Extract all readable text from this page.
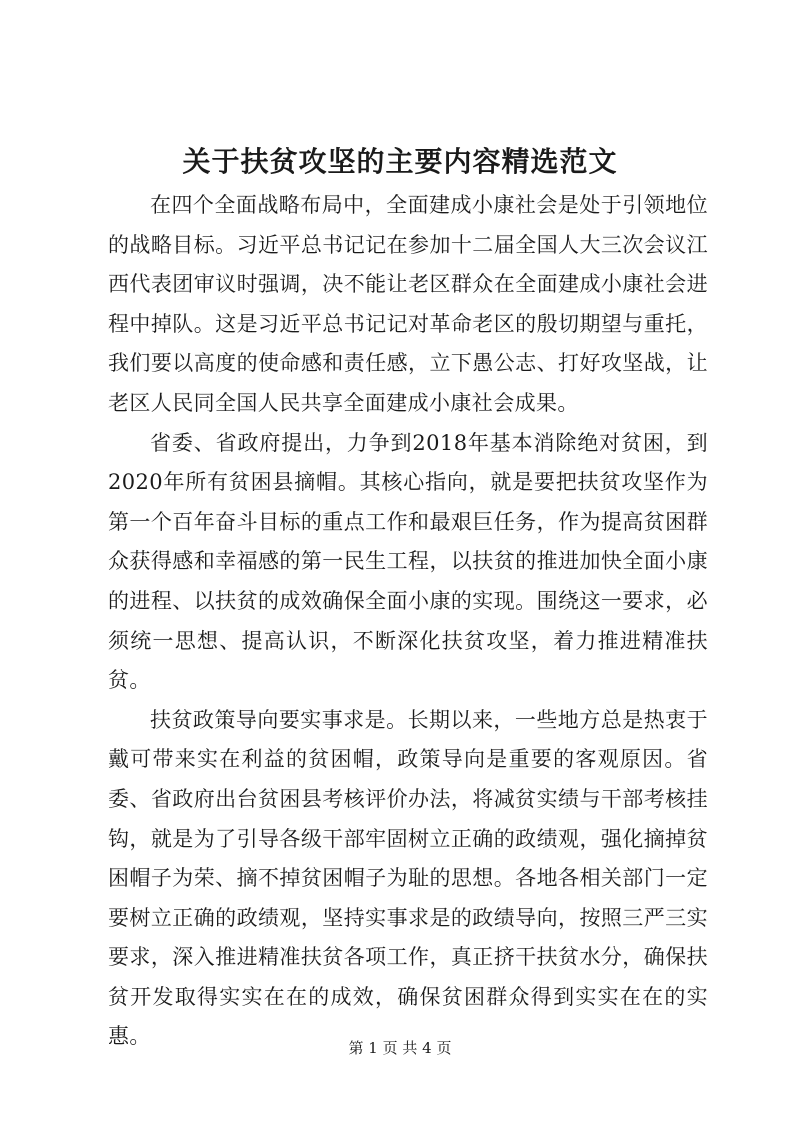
关于扶贫攻坚的主要内容精选范文

在四个全面战略布局中，全面建成小康社会是处于引领地位的战略目标。习近平总书记记在参加十二届全国人大三次会议江西代表团审议时强调，决不能让老区群众在全面建成小康社会进程中掉队。这是习近平总书记记对革命老区的殷切期望与重托，我们要以高度的使命感和责任感，立下愚公志、打好攻坚战，让老区人民同全国人民共享全面建成小康社会成果。

省委、省政府提出，力争到2018年基本消除绝对贫困，到2020年所有贫困县摘帽。其核心指向，就是要把扶贫攻坚作为第一个百年奋斗目标的重点工作和最艰巨任务，作为提高贫困群众获得感和幸福感的第一民生工程，以扶贫的推进加快全面小康的进程、以扶贫的成效确保全面小康的实现。围绕这一要求，必须统一思想、提高认识，不断深化扶贫攻坚，着力推进精准扶贫。

扶贫政策导向要实事求是。长期以来，一些地方总是热衷于戴可带来实在利益的贫困帽，政策导向是重要的客观原因。省委、省政府出台贫困县考核评价办法，将减贫实绩与干部考核挂钩，就是为了引导各级干部牢固树立正确的政绩观，强化摘掉贫困帽子为荣、摘不掉贫困帽子为耻的思想。各地各相关部门一定要树立正确的政绩观，坚持实事求是的政绩导向，按照三严三实要求，深入推进精准扶贫各项工作，真正挤干扶贫水分，确保扶贫开发取得实实在在的成效，确保贫困群众得到实实在在的实惠。	第 1 页 共 4 页
